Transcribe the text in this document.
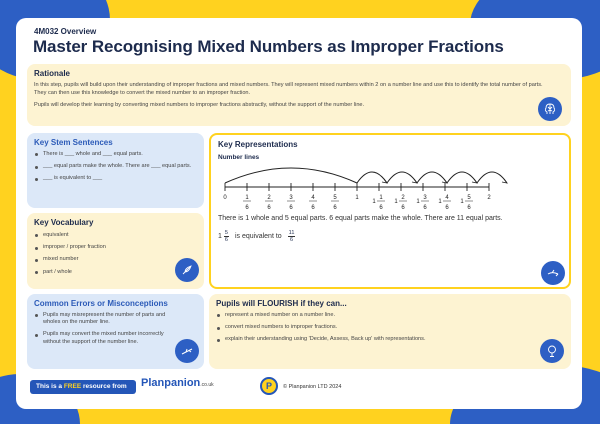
4M032 Overview
Master Recognising Mixed Numbers as Improper Fractions
Rationale
In this step, pupils will build upon their understanding of improper fractions and mixed numbers. They will represent mixed numbers within 2 on a number line and use this to identify the total number of parts. They can then use this knowledge to convert the mixed number to an improper fraction.
Pupils will develop their learning by converting mixed numbers to improper fractions abstractly, without the support of the number line.
Key Stem Sentences
There is ___ whole and ___ equal parts.
___ equal parts make the whole. There are ___ equal parts.
___ is equivalent to ___
Key Vocabulary
equivalent
improper / proper fraction
mixed number
part / whole
Common Errors or Misconceptions
Pupils may misrepresent the number of parts and wholes on the number line.
Pupils may convert the mixed number incorrectly without the support of the number line.
Key Representations
Number lines
0	1	2
1	2	3	4	5
6	6	6	6	6
1	1	1	1	1
1	2	3	4	5
6	6	6	6	6
There is 1 whole and 5 equal parts. 6 equal parts make the whole. There are 11 equal parts.
$1 \frac{5}{6}$ is equivalent to $\frac{11}{6}$
Pupils will FLOURISH if they can...
represent a mixed number on a number line.
convert mixed numbers to improper fractions.
explain their understanding using 'Decide, Assess, Back up' with representations.
This is a FREE resource from	Planpanion.co.uk	P	© Planpanion LTD 2024
